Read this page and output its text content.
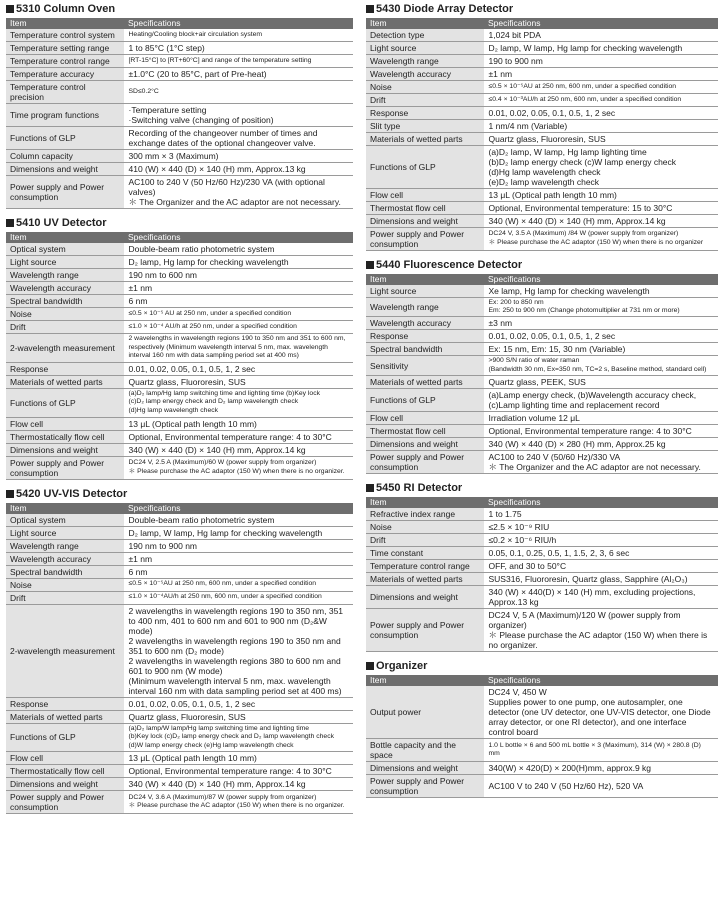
5310 Column Oven
Item	Specifications
Temperature control system	Heating/Cooling block+air circulation system

Temperature setting range	1 to 85°C (1°C step)

Temperature control range	[RT-15°C] to [RT+60°C] and range of the temperature setting

Temperature accuracy	±1.0°C (20 to 85°C, part of Pre-heat)

Temperature control precision	SD≤0.2°C

Time program functions	·Temperature setting
·Switching valve (changing of position)

Functions of GLP	Recording of the changeover number of times and exchange dates of the optional changeover valve.

Column capacity	300 mm × 3 (Maximum)

Dimensions and weight	410 (W) × 440 (D) × 140 (H) mm, Approx.13 kg

Power supply and Power consumption	AC100 to 240 V (50 Hz/60 Hz)/230 VA (with optional valves)
＊ The Organizer and the AC adaptor are not necessary.
5410 UV Detector
Item	Specifications
Optical system	Double-beam ratio photometric system

Light source	D₂ lamp, Hg lamp for checking wavelength

Wavelength range	190 nm to 600 nm

Wavelength accuracy	±1 nm

Spectral bandwidth	6 nm

Noise	≤0.5 × 10⁻⁵ AU at 250 nm, under a specified condition

Drift	≤1.0 × 10⁻⁴ AU/h at 250 nm, under a specified condition

2-wavelength measurement	2 wavelengths in wavelength regions 190 to 350 nm and 351 to 600 nm, respectively (Minimum wavelength interval 5 nm, max. wavelength interval 160 nm with data sampling period set at 400 ms)

Response	0.01, 0.02, 0.05, 0.1, 0.5, 1, 2 sec

Materials of wetted parts	Quartz glass, Fluororesin, SUS

Functions of GLP	(a)D₂ lamp/Hg lamp switching time and lighting time (b)Key lock
(c)D₂ lamp energy check and D₂ lamp wavelength check
(d)Hg lamp wavelength check

Flow cell	13 μL (Optical path length 10 mm)

Thermostatically flow cell	Optional, Environmental temperature range: 4 to 30°C

Dimensions and weight	340 (W) × 440 (D) × 140 (H) mm, Approx.14 kg

Power supply and Power consumption	DC24 V, 2.5 A (Maximum)/60 W (power supply from organizer)
＊ Please purchase the AC adaptor (150 W) when there is no organizer.
5420 UV-VIS Detector
Item	Specifications
Optical system	Double-beam ratio photometric system

Light source	D₂ lamp, W lamp, Hg lamp for checking wavelength

Wavelength range	190 nm to 900 nm

Wavelength accuracy	±1 nm

Spectral bandwidth	6 nm

Noise	≤0.5 × 10⁻⁵AU at 250 nm, 600 nm, under a specified condition

Drift	≤1.0 × 10⁻⁴AU/h at 250 nm, 600 nm, under a specified condition

2-wavelength measurement	2 wavelengths in wavelength regions 190 to 350 nm, 351 to 400 nm, 401 to 600 nm and 601 to 900 nm (D₂&W mode)
2 wavelengths in wavelength regions 190 to 350 nm and 351 to 600 nm (D₂ mode)
2 wavelengths in wavelength regions 380 to 600 nm and 601 to 900 nm (W mode)
(Minimum wavelength interval 5 nm, max. wavelength interval 160 nm with data sampling period set at 400 ms)

Response	0.01, 0.02, 0.05, 0.1, 0.5, 1, 2 sec

Materials of wetted parts	Quartz glass, Fluororesin, SUS

Functions of GLP	(a)D₂ lamp/W lamp/Hg lamp switching time and lighting time
(b)Key lock (c)D₂ lamp energy check and D₂ lamp wavelength check
(d)W lamp energy check (e)Hg lamp wavelength check

Flow cell	13 μL (Optical path length 10 mm)

Thermostatically flow cell	Optional, Environmental temperature range: 4 to 30°C

Dimensions and weight	340 (W) × 440 (D) × 140 (H) mm, Approx.14 kg

Power supply and Power consumption	DC24 V, 3.6 A (Maximum)/87 W (power supply from organizer)
＊ Please purchase the AC adaptor (150 W) when there is no organizer.
5430 Diode Array Detector
Item	Specifications
Detection type	1,024 bit PDA

Light source	D₂ lamp, W lamp, Hg lamp for checking wavelength

Wavelength range	190 to 900 nm

Wavelength accuracy	±1 nm

Noise	≤0.5 × 10⁻⁵AU at 250 nm, 600 nm, under a specified condition

Drift	≤0.4 × 10⁻³AU/h at 250 nm, 600 nm, under a specified condition

Response	0.01, 0.02, 0.05, 0.1, 0.5, 1, 2 sec

Slit type	1 nm/4 nm (Variable)

Materials of wetted parts	Quartz glass, Fluororesin, SUS

Functions of GLP	(a)D₂ lamp, W lamp, Hg lamp lighting time
(b)D₂ lamp energy check (c)W lamp energy check
(d)Hg lamp wavelength check
(e)D₂ lamp wavelength check

Flow cell	13 μL (Optical path length 10 mm)

Thermostat flow cell	Optional, Environmental temperature: 15 to 30°C

Dimensions and weight	340 (W) × 440 (D) × 140 (H) mm, Approx.14 kg

Power supply and Power consumption	DC24 V, 3.5 A (Maximum) /84 W (power supply from organizer)
＊ Please purchase the AC adaptor (150 W) when there is no organizer
5440 Fluorescence Detector
Item	Specifications
Light source	Xe lamp, Hg lamp for checking wavelength

Wavelength range	Ex: 200 to 850 nm
Em: 250 to 900 nm (Change photomultiplier at 731 nm or more)

Wavelength accuracy	±3 nm

Response	0.01, 0.02, 0.05, 0.1, 0.5, 1, 2 sec

Spectral bandwidth	Ex: 15 nm, Em: 15, 30 nm (Variable)

Sensitivity	>900 S/N ratio of water raman
(Bandwidth 30 nm, Ex=350 nm, TC=2 s, Baseline method, standard cell)

Materials of wetted parts	Quartz glass, PEEK, SUS

Functions of GLP	(a)Lamp energy check, (b)Wavelength accuracy check,
(c)Lamp lighting time and replacement record

Flow cell	Irradiation volume 12 μL

Thermostat flow cell	Optional, Environmental temperature range: 4 to 30°C

Dimensions and weight	340 (W) × 440 (D) × 280 (H) mm, Approx.25 kg

Power supply and Power consumption	AC100 to 240 V (50/60 Hz)/330 VA
＊ The Organizer and the AC adaptor are not necessary.
5450 RI Detector
Item	Specifications
Refractive index range	1 to 1.75

Noise	≤2.5 × 10⁻⁹ RIU

Drift	≤0.2 × 10⁻⁶ RIU/h

Time constant	0.05, 0.1, 0.25, 0.5, 1, 1.5, 2, 3, 6 sec

Temperature control range	OFF, and 30 to 50°C

Materials of wetted parts	SUS316, Fluororesin, Quartz glass, Sapphire (Al₂O₃)

Dimensions and weight	340 (W) × 440(D) × 140 (H) mm, excluding projections, Approx.13 kg

Power supply and Power consumption	DC24 V, 5 A (Maximum)/120 W (power supply from organizer)
＊ Please purchase the AC adaptor (150 W) when there is no organizer.
Organizer
Item	Specifications
Output power	DC24 V, 450 W
Supplies power to one pump, one autosampler, one detector (one UV detector, one UV-VIS detector, one Diode array detector, or one RI detector), and one interface control board

Bottle capacity and the space	1.0 L bottle × 6 and 500 mL bottle × 3 (Maximum), 314 (W) × 280.8 (D) mm

Dimensions and weight	340(W) × 420(D) × 200(H)mm, approx.9 kg

Power supply and Power consumption	AC100 V to 240 V (50 Hz/60 Hz), 520 VA
